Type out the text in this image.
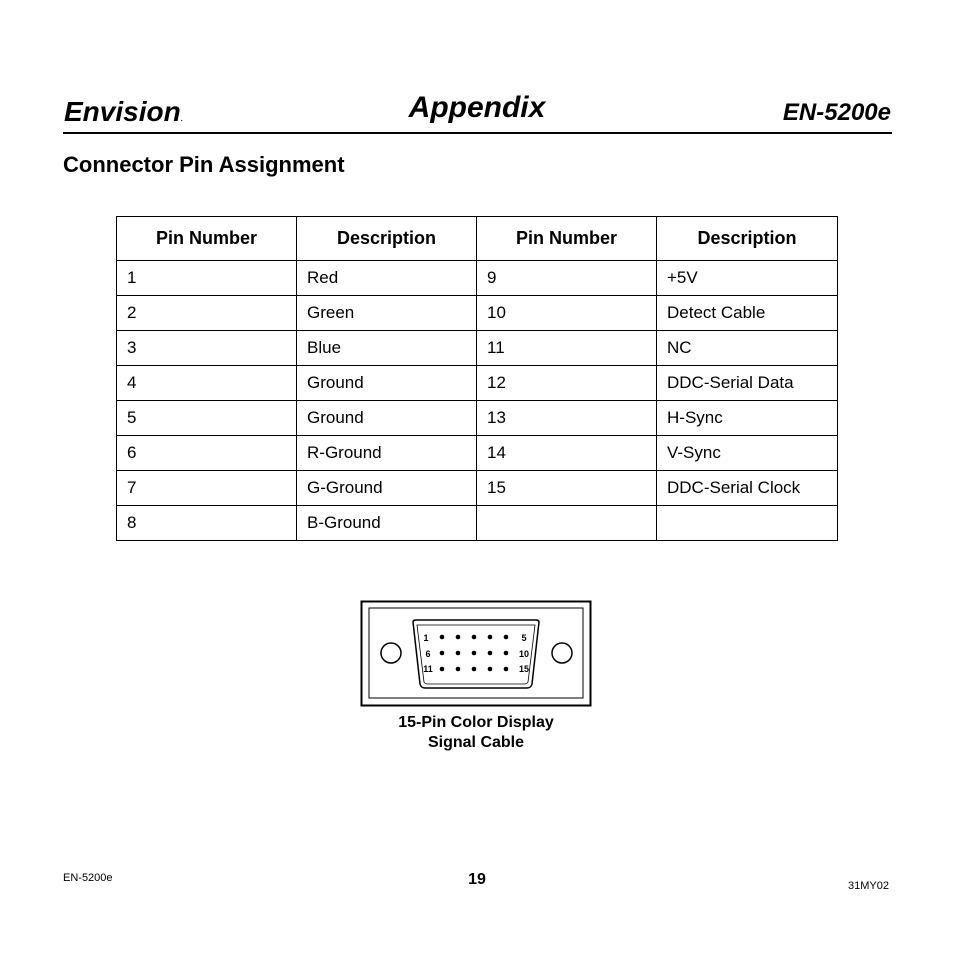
Envision.	Appendix	EN-5200e
Connector Pin Assignment
Pin Number	Description	Pin Number	Description
1	Red	9	+5V
2	Green	10	Detect Cable
3	Blue	11	NC
4	Ground	12	DDC-Serial Data
5	Ground	13	H-Sync
6	R-Ground	14	V-Sync
7	G-Ground	15	DDC-Serial Clock
8	B-Ground		
1	5
6	10
11	15
15-Pin Color Display
Signal Cable
EN-5200e	19	31MY02
